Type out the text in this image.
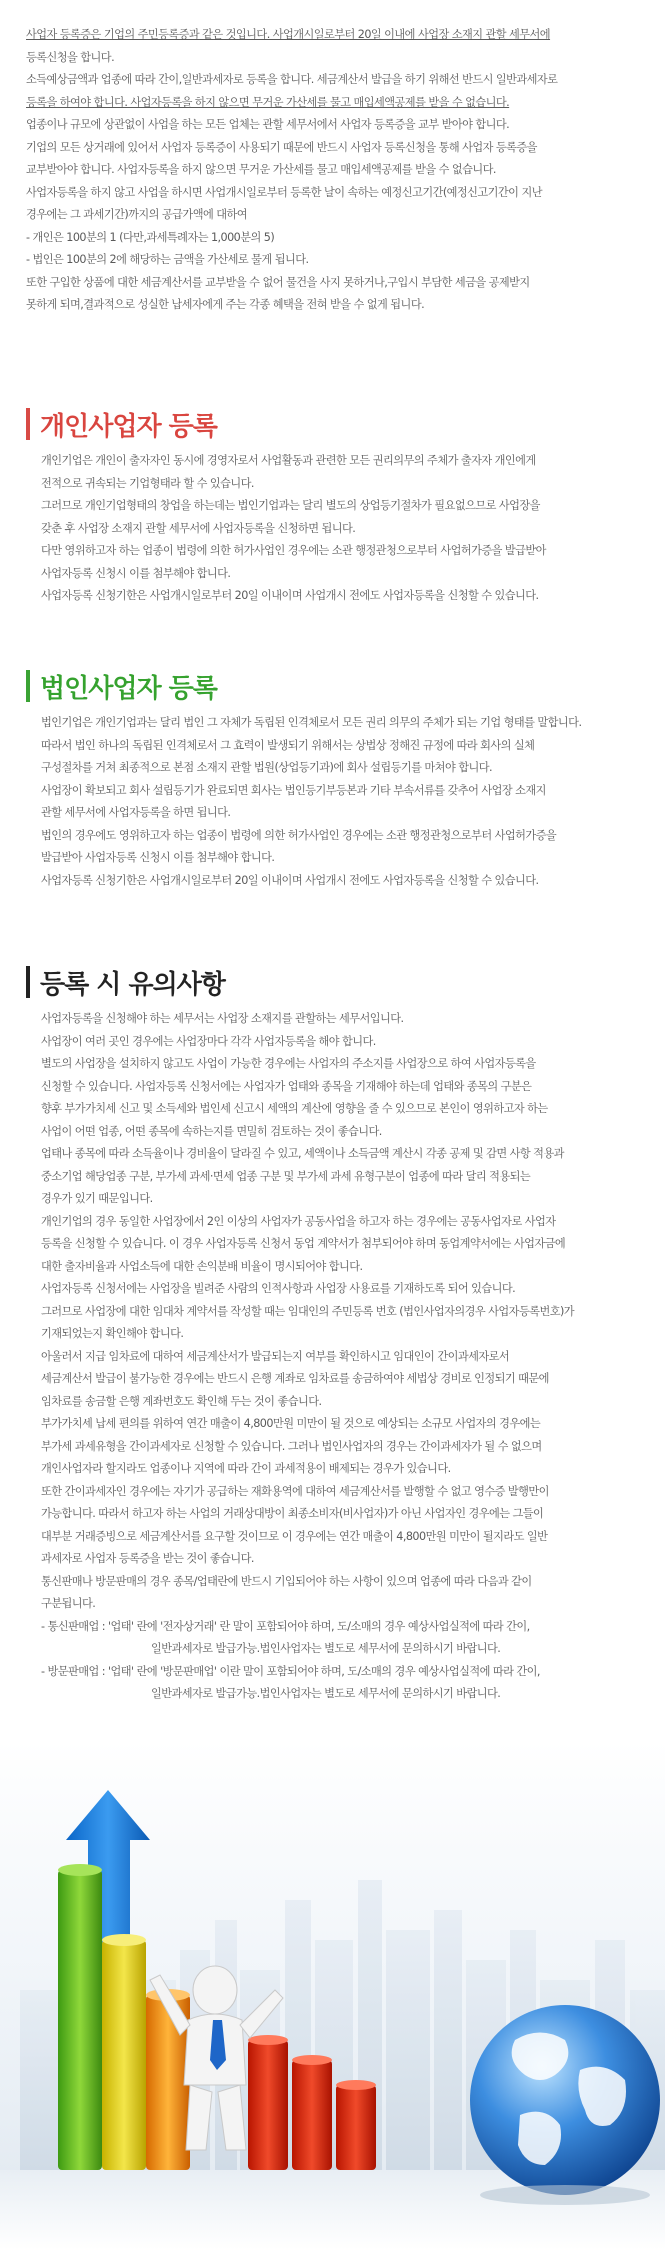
사업자 등록증은 기업의 주민등록증과 같은 것입니다. 사업개시일로부터 20일 이내에 사업장 소재지 관할 세무서에
등록신청을 합니다.
소득예상금액과 업종에 따라 간이,일반과세자로 등록을 합니다. 세금계산서 발급을 하기 위해선 반드시 일반과세자로
등록을 하여야 합니다. 사업자등록을 하지 않으면 무거운 가산세를 물고 매입세액공제를 받을 수 없습니다.
업종이나 규모에 상관없이 사업을 하는 모든 업체는 관할 세무서에서 사업자 등록증을 교부 받아야 합니다.
기업의 모든 상거래에 있어서 사업자 등록증이 사용되기 때문에 반드시 사업자 등록신청을 통해 사업자 등록증을
교부받아야 합니다. 사업자등록을 하지 않으면 무거운 가산세를 물고 매입세액공제를 받을 수 없습니다.
사업자등록을 하지 않고 사업을 하시면 사업개시일로부터 등록한 날이 속하는 예정신고기간(예정신고기간이 지난
경우에는 그 과세기간)까지의 공급가액에 대하여
- 개인은 100분의 1 (다만,과세특례자는 1,000분의 5)
- 법인은 100분의 2에 해당하는 금액을 가산세로 물게 됩니다.
또한 구입한 상품에 대한 세금계산서를 교부받을 수 없어 물건을 사지 못하거나,구입시 부담한 세금을 공제받지
못하게 되며,결과적으로 성실한 납세자에게 주는 각종 혜택을 전혀 받을 수 없게 됩니다.
개인사업자 등록
개인기업은 개인이 출자자인 동시에 경영자로서 사업활동과 관련한 모든 권리의무의 주체가 출자자 개인에게
전적으로 귀속되는 기업형태라 할 수 있습니다.
그러므로 개인기업형태의 창업을 하는데는 법인기업과는 달리 별도의 상업등기절차가 필요없으므로 사업장을
갖춘 후 사업장 소재지 관할 세무서에 사업자등록을 신청하면 됩니다.
다만 영위하고자 하는 업종이 법령에 의한 허가사업인 경우에는 소관 행정관청으로부터 사업허가증을 발급받아
사업자등록 신청시 이를 첨부해야 합니다.
사업자등록 신청기한은 사업개시일로부터 20일 이내이며 사업개시 전에도 사업자등록을 신청할 수 있습니다.
법인사업자 등록
법인기업은 개인기업과는 달리 법인 그 자체가 독립된 인격체로서 모든 권리 의무의 주체가 되는 기업 형태를 말합니다.
따라서 법인 하나의 독립된 인격체로서 그 효력이 발생되기 위해서는 상법상 정해진 규정에 따라 회사의 실체
구성절차를 거쳐 최종적으로 본점 소재지 관할 법원(상업등기과)에 회사 설립등기를 마쳐야 합니다.
사업장이 확보되고 회사 설립등기가 완료되면 회사는 법인등기부등본과 기타 부속서류를 갖추어 사업장 소재지
관할 세무서에 사업자등록을 하면 됩니다.
법인의 경우에도 영위하고자 하는 업종이 법령에 의한 허가사업인 경우에는 소관 행정관청으로부터 사업허가증을
발급받아 사업자등록 신청시 이를 첨부해야 합니다.
사업자등록 신청기한은 사업개시일로부터 20일 이내이며 사업개시 전에도 사업자등록을 신청할 수 있습니다.
등록 시 유의사항
사업자등록을 신청해야 하는 세무서는 사업장 소재지를 관할하는 세무서입니다.
사업장이 여러 곳인 경우에는 사업장마다 각각 사업자등록을 해야 합니다.
별도의 사업장을 설치하지 않고도 사업이 가능한 경우에는 사업자의 주소지를 사업장으로 하여 사업자등록을
신청할 수 있습니다. 사업자등록 신청서에는 사업자가 업태와 종목을 기재해야 하는데 업태와 종목의 구분은
향후 부가가치세 신고 및 소득세와 법인세 신고시 세액의 계산에 영향을 줄 수 있으므로 본인이 영위하고자 하는
사업이 어떤 업종, 어떤 종목에 속하는지를 면밀히 검토하는 것이 좋습니다.
업태나 종목에 따라 소득율이나 경비율이 달라질 수 있고, 세액이나 소득금액 계산시 각종 공제 및 감면 사항 적용과
중소기업 해당업종 구분, 부가세 과세·면세 업종 구분 및 부가세 과세 유형구분이 업종에 따라 달리 적용되는
경우가 있기 때문입니다.
개인기업의 경우 동일한 사업장에서 2인 이상의 사업자가 공동사업을 하고자 하는 경우에는 공동사업자로 사업자
등록을 신청할 수 있습니다. 이 경우 사업자등록 신청서 동업 계약서가 첨부되어야 하며 동업계약서에는 사업자금에
대한 출자비율과 사업소득에 대한 손익분배 비율이 명시되어야 합니다.
사업자등록 신청서에는 사업장을 빌려준 사람의 인적사항과 사업장 사용료를 기재하도록 되어 있습니다.
그러므로 사업장에 대한 임대차 계약서를 작성할 때는 임대인의 주민등록 번호 (법인사업자의경우 사업자등록번호)가
기재되었는지 확인해야 합니다.
아울러서 지급 임차료에 대하여 세금계산서가 발급되는지 여부를 확인하시고 임대인이 간이과세자로서
세금계산서 발급이 불가능한 경우에는 반드시 은행 계좌로 임차료를 송금하여야 세법상 경비로 인정되기 때문에
임차료를 송금할 은행 계좌번호도 확인해 두는 것이 좋습니다.
부가가치세 납세 편의를 위하여 연간 매출이 4,800만원 미만이 될 것으로 예상되는 소규모 사업자의 경우에는
부가세 과세유형을 간이과세자로 신청할 수 있습니다. 그러나 법인사업자의 경우는 간이과세자가 될 수 없으며
개인사업자라 할지라도 업종이나 지역에 따라 간이 과세적용이 배제되는 경우가 있습니다.
또한 간이과세자인 경우에는 자기가 공급하는 재화용역에 대하여 세금계산서를 발행할 수 없고 영수증 발행만이
가능합니다. 따라서 하고자 하는 사업의 거래상대방이 최종소비자(비사업자)가 아닌 사업자인 경우에는 그들이
대부분 거래증빙으로 세금계산서를 요구할 것이므로 이 경우에는 연간 매출이 4,800만원 미만이 될지라도 일반
과세자로 사업자 등록증을 받는 것이 좋습니다.
통신판매나 방문판매의 경우 종목/업태란에 반드시 기입되어야 하는 사항이 있으며 업종에 따라 다음과 같이
구분됩니다.
- 통신판매업 : '업태' 란에 '전자상거래' 란 말이 포함되어야 하며, 도/소매의 경우 예상사업실적에 따라 간이,
일반과세자로 발급가능.법인사업자는 별도로 세무서에 문의하시기 바랍니다.
- 방문판매업 : '업태' 란에 '방문판매업' 이란 말이 포함되어야 하며, 도/소매의 경우 예상사업실적에 따라 간이,
일반과세자로 발급가능.법인사업자는 별도로 세무서에 문의하시기 바랍니다.
